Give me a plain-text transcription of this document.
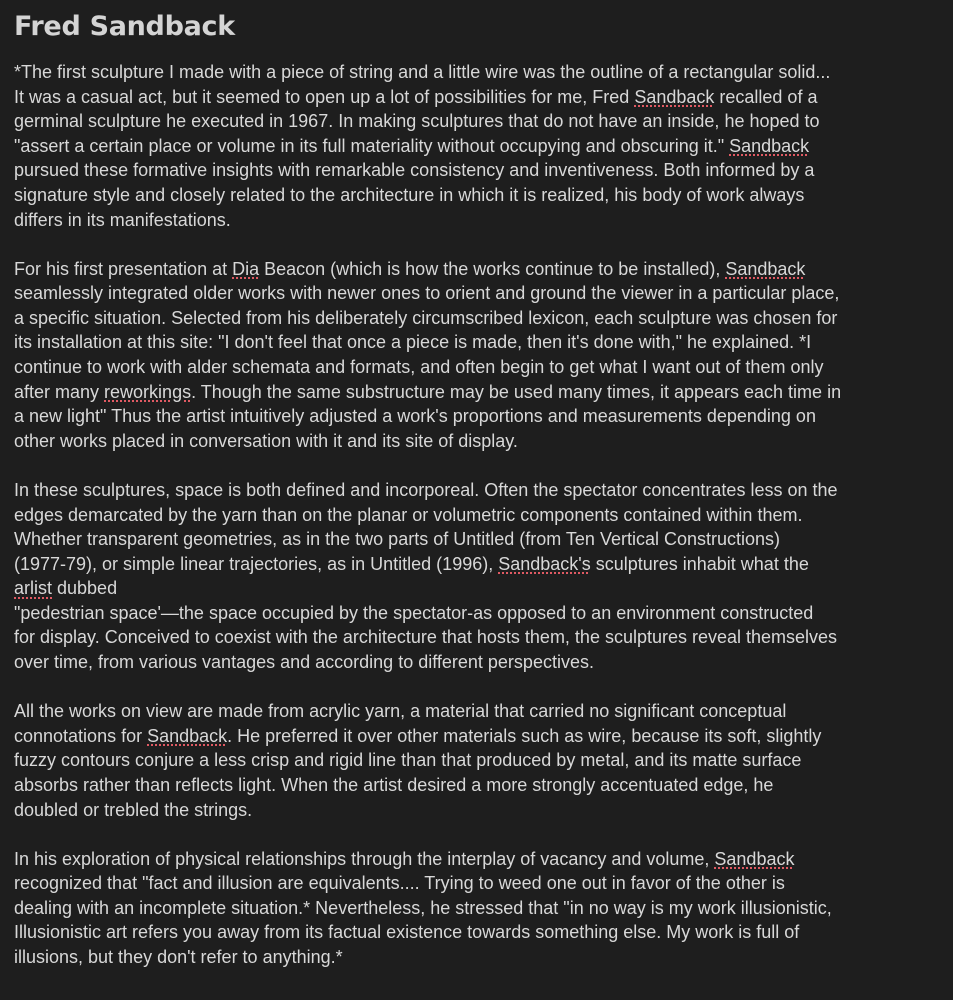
Fred Sandback

*The first sculpture I made with a piece of string and a little wire was the outline of a rectangular solid...
It was a casual act, but it seemed to open up a lot of possibilities for me, Fred Sandback recalled of a
germinal sculpture he executed in 1967. In making sculptures that do not have an inside, he hoped to
"assert a certain place or volume in its full materiality without occupying and obscuring it." Sandback
pursued these formative insights with remarkable consistency and inventiveness. Both informed by a
signature style and closely related to the architecture in which it is realized, his body of work always
differs in its manifestations.

For his first presentation at Dia Beacon (which is how the works continue to be installed), Sandback
seamlessly integrated older works with newer ones to orient and ground the viewer in a particular place,
a specific situation. Selected from his deliberately circumscribed lexicon, each sculpture was chosen for
its installation at this site: "I don't feel that once a piece is made, then it's done with," he explained. *I
continue to work with alder schemata and formats, and often begin to get what I want out of them only
after many reworkings. Though the same substructure may be used many times, it appears each time in
a new light" Thus the artist intuitively adjusted a work's proportions and measurements depending on
other works placed in conversation with it and its site of display.

In these sculptures, space is both defined and incorporeal. Often the spectator concentrates less on the
edges demarcated by the yarn than on the planar or volumetric components contained within them.
Whether transparent geometries, as in the two parts of Untitled (from Ten Vertical Constructions)
(1977-79), or simple linear trajectories, as in Untitled (1996), Sandback's sculptures inhabit what the
arlist dubbed
"pedestrian space'—the space occupied by the spectator-as opposed to an environment constructed
for display. Conceived to coexist with the architecture that hosts them, the sculptures reveal themselves
over time, from various vantages and according to different perspectives.

All the works on view are made from acrylic yarn, a material that carried no significant conceptual
connotations for Sandback. He preferred it over other materials such as wire, because its soft, slightly
fuzzy contours conjure a less crisp and rigid line than that produced by metal, and its matte surface
absorbs rather than reflects light. When the artist desired a more strongly accentuated edge, he
doubled or trebled the strings.

In his exploration of physical relationships through the interplay of vacancy and volume, Sandback
recognized that "fact and illusion are equivalents.... Trying to weed one out in favor of the other is
dealing with an incomplete situation.* Nevertheless, he stressed that "in no way is my work illusionistic,
Illusionistic art refers you away from its factual existence towards something else. My work is full of
illusions, but they don't refer to anything.*
